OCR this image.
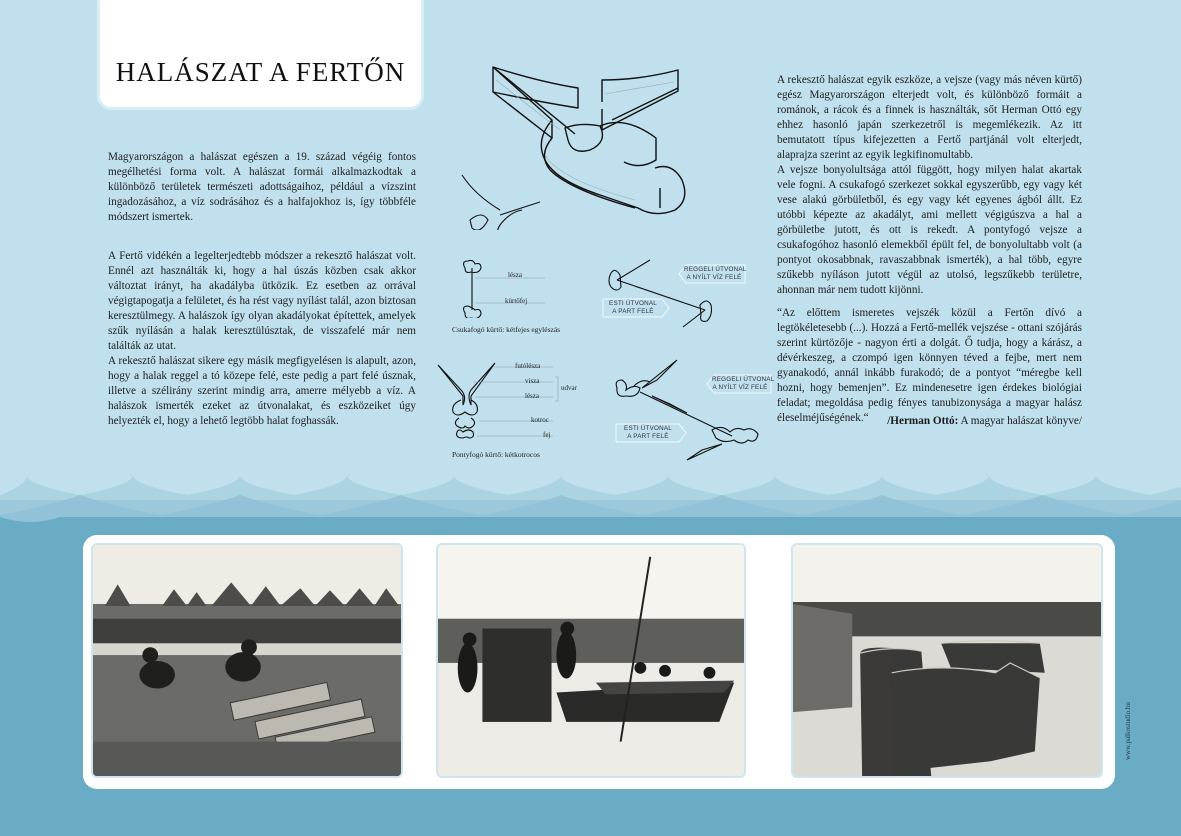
HALÁSZAT A FERTŐN

Magyarországon a halászat egészen a 19. század végéig fontos megélhetési forma volt. A halászat formái alkalmazkodtak a különböző területek természeti adottságaihoz, például a vízszint ingadozásához, a víz sodrásához és a halfajokhoz is, így többféle módszert ismertek.

A Fertő vidékén a legelterjedtebb módszer a rekesztő halászat volt. Ennél azt használták ki, hogy a hal úszás közben csak akkor változtat irányt, ha akadályba ütközik. Ez esetben az orrával végigtapogatja a felületet, és ha rést vagy nyílást talál, azon biztosan keresztülmegy. A halászok így olyan akadályokat építettek, amelyek szűk nyílásán a halak keresztülúsztak, de visszafelé már nem találták az utat.

A rekesztő halászat sikere egy másik megfigyelésen is alapult, azon, hogy a halak reggel a tó közepe felé, este pedig a part felé úsznak, illetve a szélirány szerint mindig arra, amerre mélyebb a víz. A halászok ismerték ezeket az útvonalakat, és eszközeiket úgy helyezték el, hogy a lehető legtöbb halat foghassák.

lésza
kürtőfej
Csukafogó kürtő: kétfejes egylészás
REGGELI ÚTVONAL
A NYÍLT VÍZ FELÉ
ESTI ÚTVONAL
A PART FELÉ
futólésza
visza
lésza
udvar
kotroc
fej
Pontyfogó kürtő: kétkotrocos
REGGELI ÚTVONAL
A NYÍLT VÍZ FELÉ
ESTI ÚTVONAL
A PART FELÉ

A rekesztő halászat egyik eszköze, a vejsze (vagy más néven kürtő) egész Magyarországon elterjedt volt, és különböző formáit a románok, a rácok és a finnek is használták, sőt Herman Ottó egy ehhez hasonló japán szerkezetről is megemlékezik. Az itt bemutatott típus kifejezetten a Fertő partjánál volt elterjedt, alaprajza szerint az egyik legkifinomultabb.

A vejsze bonyolultsága attól függött, hogy milyen halat akartak vele fogni. A csukafogó szerkezet sokkal egyszerűbb, egy vagy két vese alakú görbületből, és egy vagy két egyenes ágból állt. Ez utóbbi képezte az akadályt, ami mellett végigúszva a hal a görbületbe jutott, és ott is rekedt. A pontyfogó vejsze a csukafogóhoz hasonló elemekből épült fel, de bonyolultabb volt (a pontyot okosabbnak, ravaszabbnak ismerték), a hal több, egyre szűkebb nyíláson jutott végül az utolsó, legszűkebb területre, ahonnan már nem tudott kijönni.

“Az előttem ismeretes vejszék közül a Fertőn dívó a legtökéletesebb (...). Hozzá a Fertő-mellék vejszése - ottani szójárás szerint kürtözője - nagyon érti a dolgát. Ő tudja, hogy a kárász, a dévérkeszeg, a czompó igen könnyen téved a fejbe, mert nem gyanakodó, annál inkább furakodó; de a pontyot “méregbe kell hozni, hogy bemenjen”. Ez mindenesetre igen érdekes biológiai feladat; megoldása pedig fényes tanubizonysága a magyar halász éleselméjűségének.“	/Herman Ottó: A magyar halászat könyve/
www.palkostudio.hu
